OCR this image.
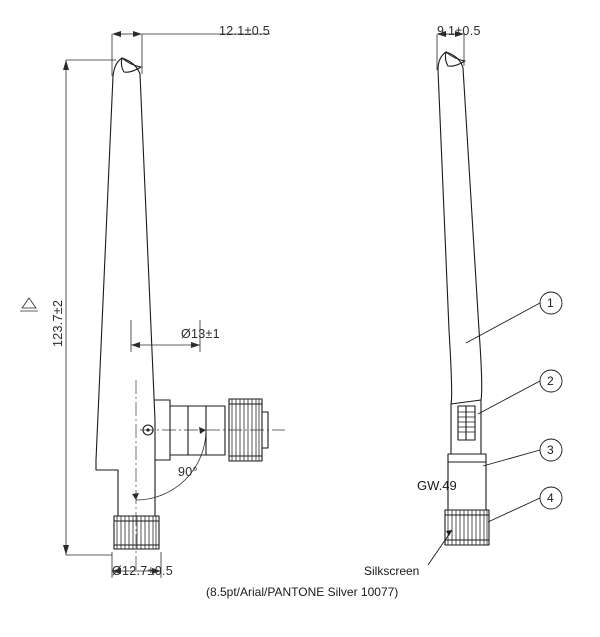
12.1±0.5	9.1±0.5
123.7±2	Ø13±1
Ø12.7±0.5
90°
1
2
3
4
GW.49
Silkscreen
(8.5pt/Arial/PANTONE Silver 10077)
